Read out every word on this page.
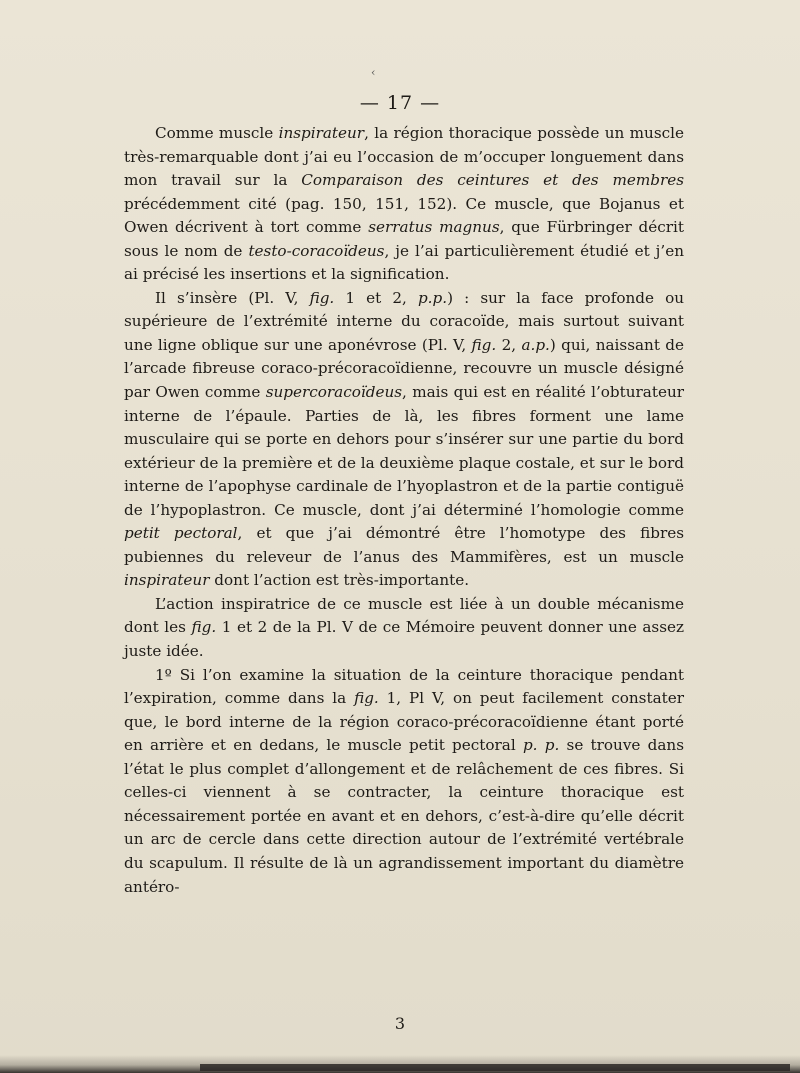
‹
— 17 —

Comme muscle inspirateur, la région thoracique possède un muscle très-remarquable dont j’ai eu l’occasion de m’occuper longuement dans mon travail sur la Comparaison des ceintures et des membres précédemment cité (pag. 150, 151, 152). Ce muscle, que Bojanus et Owen décrivent à tort comme serratus magnus, que Fürbringer décrit sous le nom de testo-coracoïdeus, je l’ai particulièrement étudié et j’en ai précisé les insertions et la signification.

Il s’insère (Pl. V, fig. 1 et 2, p.p.) : sur la face profonde ou supérieure de l’extrémité interne du coracoïde, mais surtout suivant une ligne oblique sur une aponévrose (Pl. V, fig. 2, a.p.) qui, naissant de l’arcade fibreuse coraco-précoracoïdienne, recouvre un muscle désigné par Owen comme supercoracoïdeus, mais qui est en réalité l’obturateur interne de l’épaule. Parties de là, les fibres forment une lame musculaire qui se porte en dehors pour s’insérer sur une partie du bord extérieur de la première et de la deuxième plaque costale, et sur le bord interne de l’apophyse cardinale de l’hyoplastron et de la partie contiguë de l’hypoplastron. Ce muscle, dont j’ai déterminé l’homologie comme petit pectoral, et que j’ai démontré être l’homotype des fibres pubiennes du releveur de l’anus des Mammifères, est un muscle inspirateur dont l’action est très-importante.

L’action inspiratrice de ce muscle est liée à un double mécanisme dont les fig. 1 et 2 de la Pl. V de ce Mémoire peuvent donner une assez juste idée.

1º Si l’on examine la situation de la ceinture thoracique pendant l’expiration, comme dans la fig. 1, Pl V, on peut facilement constater que, le bord interne de la région coraco-précoracoïdienne étant porté en arrière et en dedans, le muscle petit pectoral p. p. se trouve dans l’état le plus complet d’allongement et de relâchement de ces fibres. Si celles-ci viennent à se contracter, la ceinture thoracique est nécessairement portée en avant et en dehors, c’est-à-dire qu’elle décrit un arc de cercle dans cette direction autour de l’extrémité vertébrale du scapulum. Il résulte de là un agrandissement important du diamètre antéro-

3
